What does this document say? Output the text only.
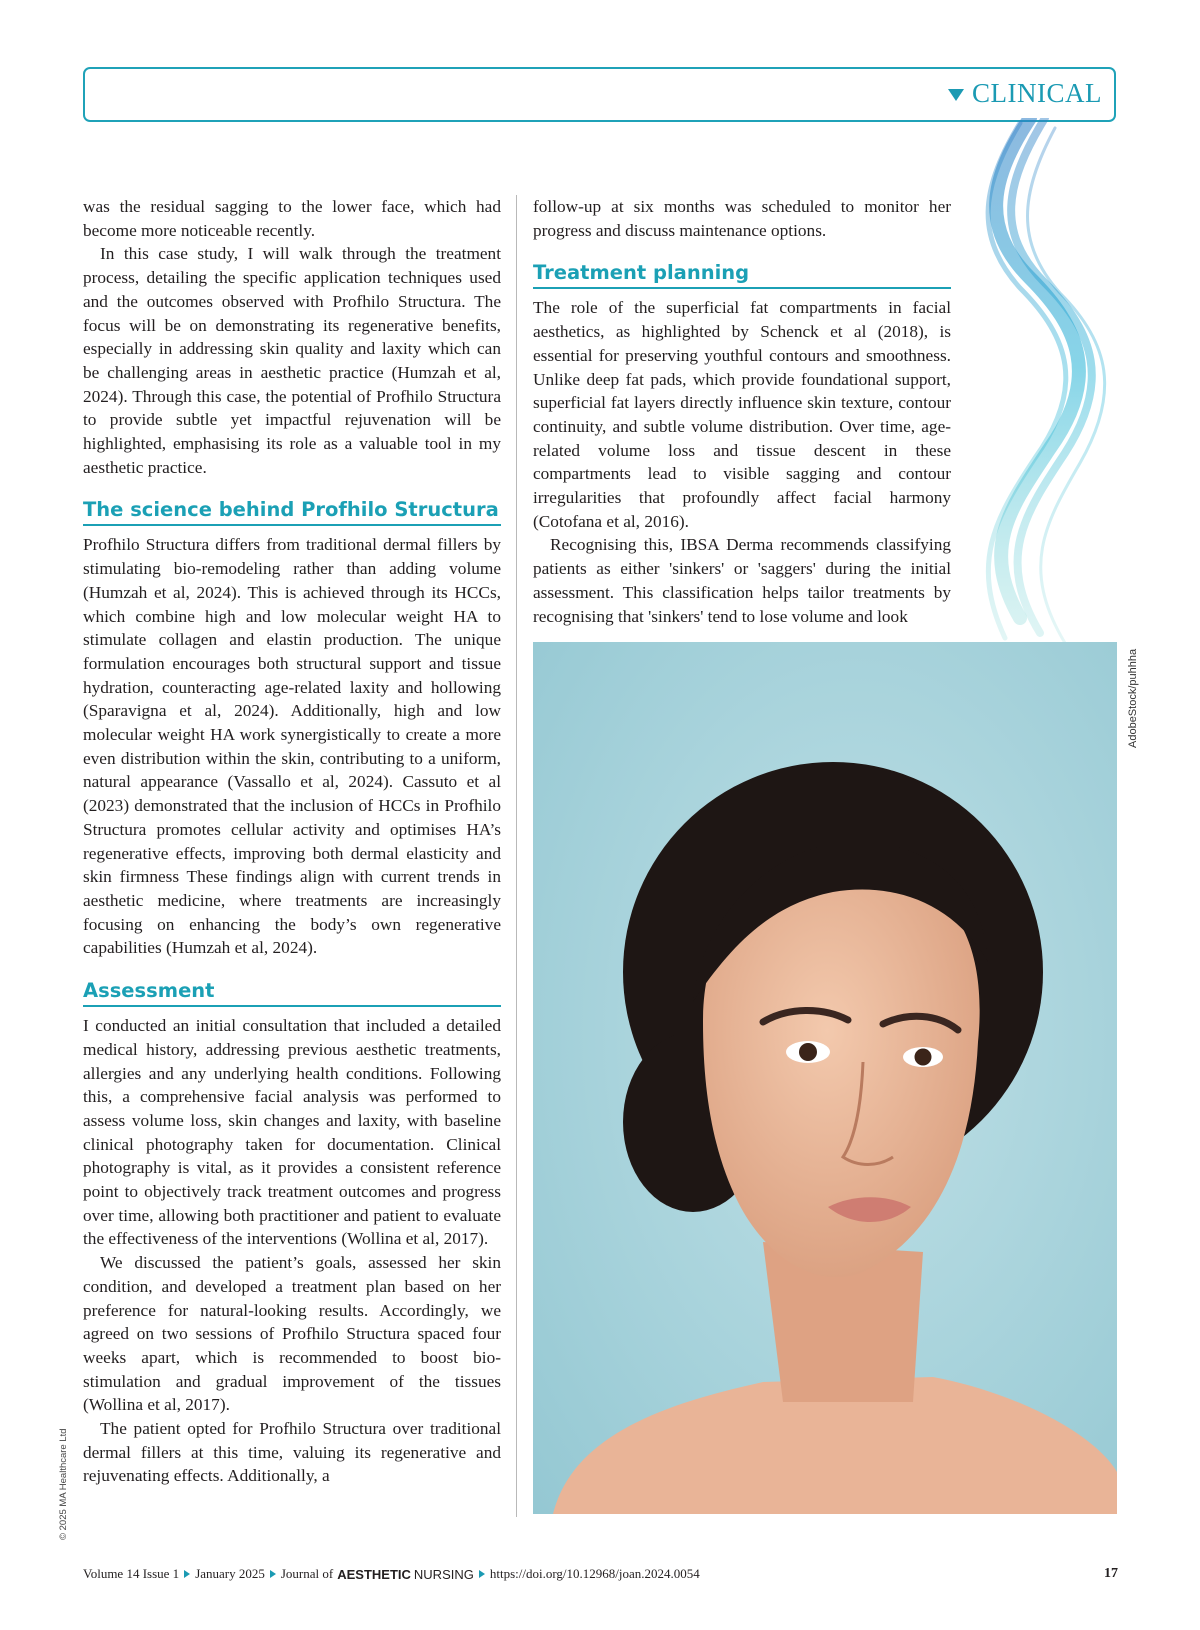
CLINICAL

was the residual sagging to the lower face, which had become more noticeable recently.

In this case study, I will walk through the treatment process, detailing the specific application techniques used and the outcomes observed with Profhilo Structura. The focus will be on demonstrating its regenerative benefits, especially in addressing skin quality and laxity which can be challenging areas in aesthetic practice (Humzah et al, 2024). Through this case, the potential of Profhilo Structura to provide subtle yet impactful rejuvenation will be highlighted, emphasising its role as a valuable tool in my aesthetic practice.

The science behind Profhilo Structura

Profhilo Structura differs from traditional dermal fillers by stimulating bio-remodeling rather than adding volume (Humzah et al, 2024). This is achieved through its HCCs, which combine high and low molecular weight HA to stimulate collagen and elastin production. The unique formulation encourages both structural support and tissue hydration, counteracting age-related laxity and hollowing (Sparavigna et al, 2024). Additionally, high and low molecular weight HA work synergistically to create a more even distribution within the skin, contributing to a uniform, natural appearance (Vassallo et al, 2024). Cassuto et al (2023) demonstrated that the inclusion of HCCs in Profhilo Structura promotes cellular activity and optimises HA’s regenerative effects, improving both dermal elasticity and skin firmness These findings align with current trends in aesthetic medicine, where treatments are increasingly focusing on enhancing the body’s own regenerative capabilities (Humzah et al, 2024).

Assessment

I conducted an initial consultation that included a detailed medical history, addressing previous aesthetic treatments, allergies and any underlying health conditions. Following this, a comprehensive facial analysis was performed to assess volume loss, skin changes and laxity, with baseline clinical photography taken for documentation. Clinical photography is vital, as it provides a consistent reference point to objectively track treatment outcomes and progress over time, allowing both practitioner and patient to evaluate the effectiveness of the interventions (Wollina et al, 2017).

We discussed the patient’s goals, assessed her skin condition, and developed a treatment plan based on her preference for natural-looking results. Accordingly, we agreed on two sessions of Profhilo Structura spaced four weeks apart, which is recommended to boost bio-stimulation and gradual improvement of the tissues (Wollina et al, 2017).

The patient opted for Profhilo Structura over traditional dermal fillers at this time, valuing its regenerative and rejuvenating effects. Additionally, a

follow-up at six months was scheduled to monitor her progress and discuss maintenance options.

Treatment planning

The role of the superficial fat compartments in facial aesthetics, as highlighted by Schenck et al (2018), is essential for preserving youthful contours and smoothness. Unlike deep fat pads, which provide foundational support, superficial fat layers directly influence skin texture, contour continuity, and subtle volume distribution. Over time, age-related volume loss and tissue descent in these compartments lead to visible sagging and contour irregularities that profoundly affect facial harmony (Cotofana et al, 2016).

Recognising this, IBSA Derma recommends classifying patients as either 'sinkers' or 'saggers' during the initial assessment. This classification helps tailor treatments by recognising that 'sinkers' tend to lose volume and look

AdobeStock/puhhha
© 2025 MA Healthcare Ltd
Volume 14 Issue 1 January 2025 Journal of AESTHETIC NURSING https://doi.org/10.12968/joan.2024.0054	17
